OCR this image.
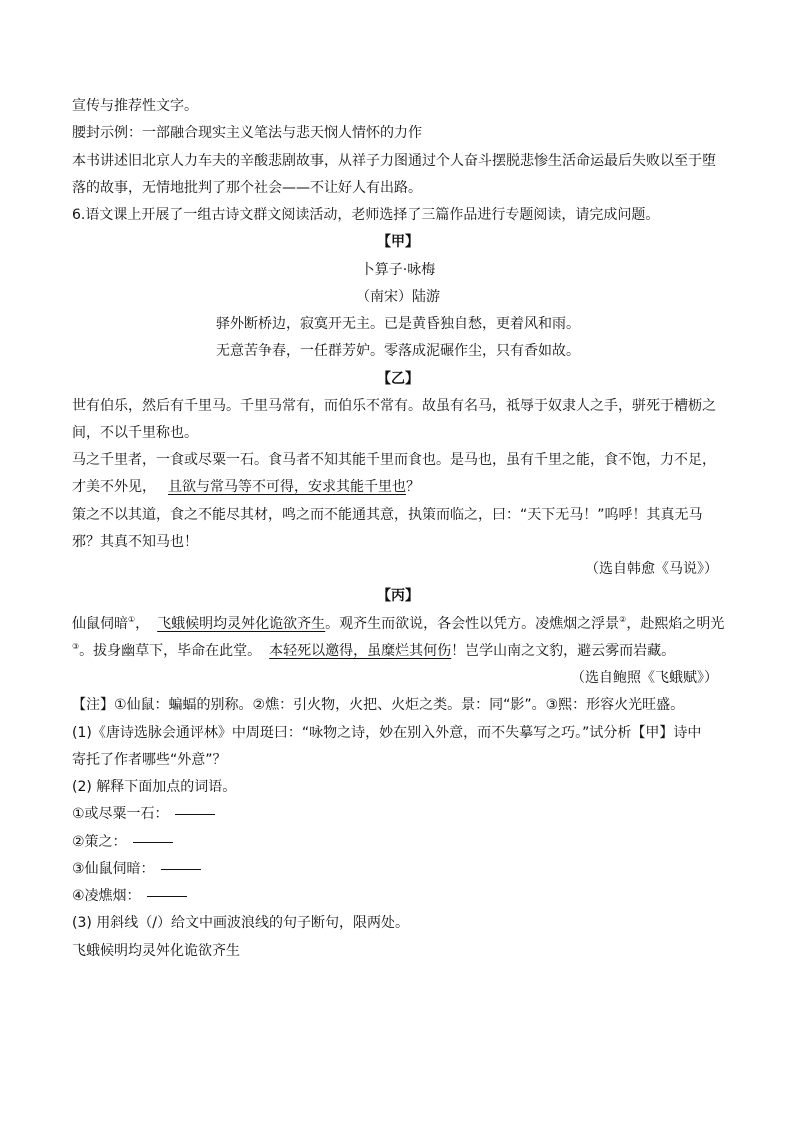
宣传与推荐性文字。
腰封示例：一部融合现实主义笔法与悲天悯人情怀的力作
本书讲述旧北京人力车夫的辛酸悲剧故事，从祥子力图通过个人奋斗摆脱悲惨生活命运最后失败以至于堕
落的故事，无情地批判了那个社会——不让好人有出路。
6.语文课上开展了一组古诗文群文阅读活动，老师选择了三篇作品进行专题阅读，请完成问题。
【甲】
卜算子·咏梅
（南宋）陆游
驿外断桥边，寂寞开无主。已是黄昏独自愁，更着风和雨。
无意苦争春，一任群芳妒。零落成泥碾作尘，只有香如故。
【乙】
世有伯乐，然后有千里马。千里马常有，而伯乐不常有。故虽有名马，祗辱于奴隶人之手，骈死于槽枥之
间，不以千里称也。
马之千里者，一食或尽粟一石。食马者不知其能千里而食也。是马也，虽有千里之能，食不饱，力不足，
才美不外见， 且欲与常马等不可得，安求其能千里也？
策之不以其道，食之不能尽其材，鸣之而不能通其意，执策而临之，曰：“天下无马！”呜呼！其真无马
邪？其真不知马也！
（选自韩愈《马说》）
【丙】
仙鼠伺暗①， 飞蛾候明均灵舛化诡欲齐生。观齐生而欲说，各会性以凭方。凌燋烟之浮景②，赴熙焰之明光
③。拔身幽草下，毕命在此堂。 本轻死以邀得，虽糜烂其何伤！岂学山南之文豹，避云雾而岩藏。
（选自鲍照《飞蛾赋》）
【注】①仙鼠：蝙蝠的别称。②燋：引火物，火把、火炬之类。景：同“影”。③熙：形容火光旺盛。
(1)《唐诗选脉会通评林》中周珽曰：“咏物之诗，妙在别入外意，而不失摹写之巧。”试分析【甲】诗中
寄托了作者哪些“外意”？
(2) 解释下面加点的词语。
①或尽粟一石：
②策之：
③仙鼠伺暗：
④凌燋烟：
(3) 用斜线（/）给文中画波浪线的句子断句，限两处。
飞蛾候明均灵舛化诡欲齐生
